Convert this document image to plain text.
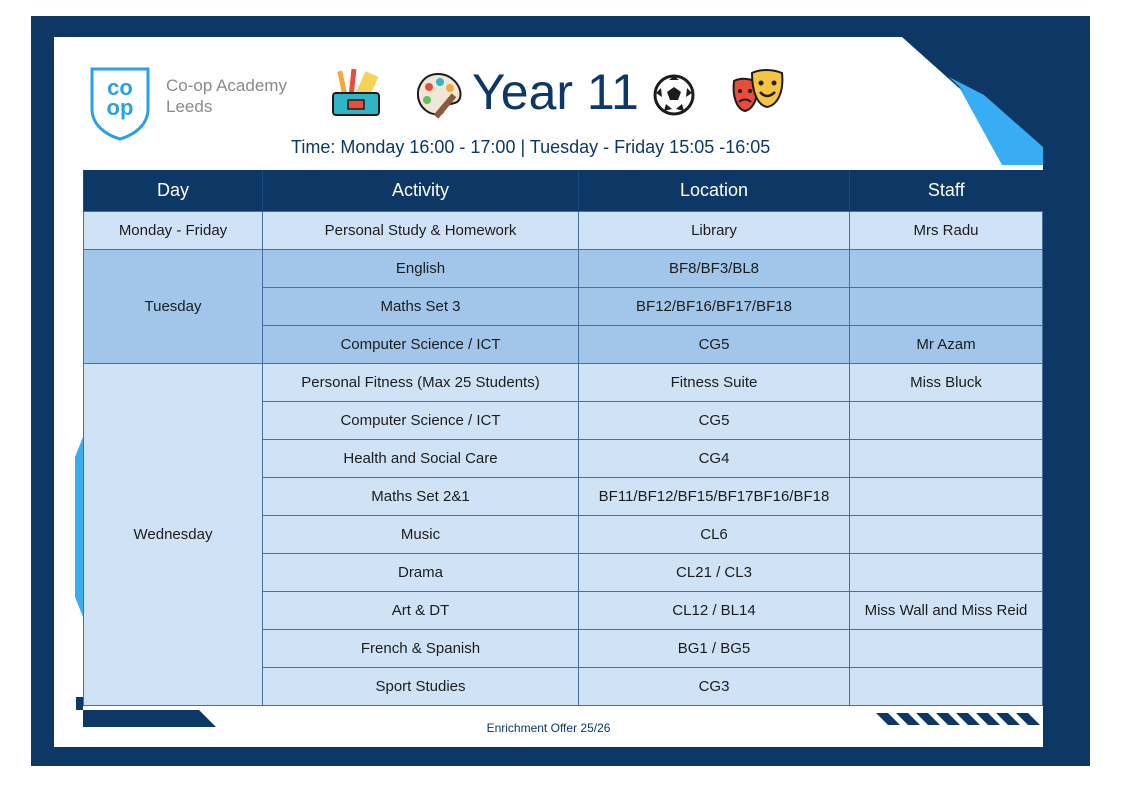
co
op
Co-op Academy
Leeds	Year 11
Time: Monday 16:00 - 17:00 | Tuesday - Friday 15:05 -16:05
Day	Activity	Location	Staff
Monday - Friday	Personal Study & Homework	Library	Mrs Radu
Tuesday	English	BF8/BF3/BL8	
	Maths Set 3	BF12/BF16/BF17/BF18	
	Computer Science / ICT	CG5	Mr Azam
Wednesday	Personal Fitness (Max 25 Students)	Fitness Suite	Miss Bluck
	Computer Science / ICT	CG5	
	Health and Social Care	CG4	
	Maths Set 2&1	BF11/BF12/BF15/BF17BF16/BF18	
	Music	CL6	
	Drama	CL21 / CL3	
	Art & DT	CL12 / BL14	Miss Wall and Miss Reid
	French & Spanish	BG1 / BG5	
	Sport Studies	CG3	
Enrichment Offer 25/26
